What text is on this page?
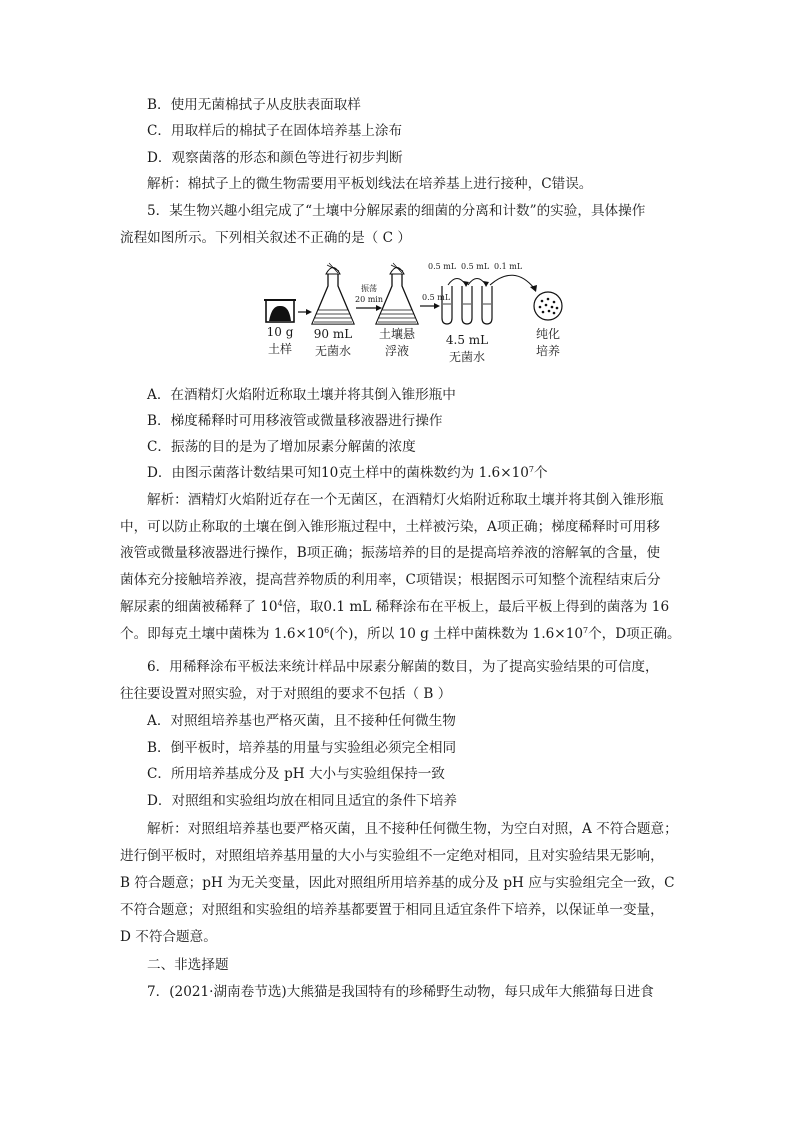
B．使用无菌棉拭子从皮肤表面取样
C．用取样后的棉拭子在固体培养基上涂布
D．观察菌落的形态和颜色等进行初步判断
解析：棉拭子上的微生物需要用平板划线法在培养基上进行接种，C错误。
5．某生物兴趣小组完成了“土壤中分解尿素的细菌的分离和计数”的实验，具体操作
流程如图所示。下列相关叙述不正确的是（ C ）
10 g
土样
90 mL
无菌水
振荡
20 min
土壤悬
浮液
0.5 mL
0.5 mL 0.5 mL 0.1 mL
4.5 mL
无菌水
纯化
培养
A．在酒精灯火焰附近称取土壤并将其倒入锥形瓶中
B．梯度稀释时可用移液管或微量移液器进行操作
C．振荡的目的是为了增加尿素分解菌的浓度
D．由图示菌落计数结果可知10克土样中的菌株数约为 $1.6\times 10^7$个
解析：酒精灯火焰附近存在一个无菌区，在酒精灯火焰附近称取土壤并将其倒入锥形瓶
中，可以防止称取的土壤在倒入锥形瓶过程中，土样被污染，A项正确；梯度稀释时可用移
液管或微量移液器进行操作，B项正确；振荡培养的目的是提高培养液的溶解氧的含量，使
菌体充分接触培养液，提高营养物质的利用率，C项错误；根据图示可知整个流程结束后分
解尿素的细菌被稀释了 $10^4$倍，取0.1 mL 稀释涂布在平板上，最后平板上得到的菌落为 16
个。即每克土壤中菌株为 $1.6\times 10^6$(个)，所以 10 g 土样中菌株数为 $1.6\times 10^7$个，D项正确。
6．用稀释涂布平板法来统计样品中尿素分解菌的数目，为了提高实验结果的可信度，
往往要设置对照实验，对于对照组的要求不包括（ B ）
A．对照组培养基也严格灭菌，且不接种任何微生物
B．倒平板时，培养基的用量与实验组必须完全相同
C．所用培养基成分及 pH 大小与实验组保持一致
D．对照组和实验组均放在相同且适宜的条件下培养
解析：对照组培养基也要严格灭菌，且不接种任何微生物，为空白对照，A 不符合题意；
进行倒平板时，对照组培养基用量的大小与实验组不一定绝对相同，且对实验结果无影响，
B 符合题意；pH 为无关变量，因此对照组所用培养基的成分及 pH 应与实验组完全一致，C
不符合题意；对照组和实验组的培养基都要置于相同且适宜条件下培养，以保证单一变量，
D 不符合题意。
二、非选择题
7．(2021·湖南卷节选)大熊猫是我国特有的珍稀野生动物，每只成年大熊猫每日进食
